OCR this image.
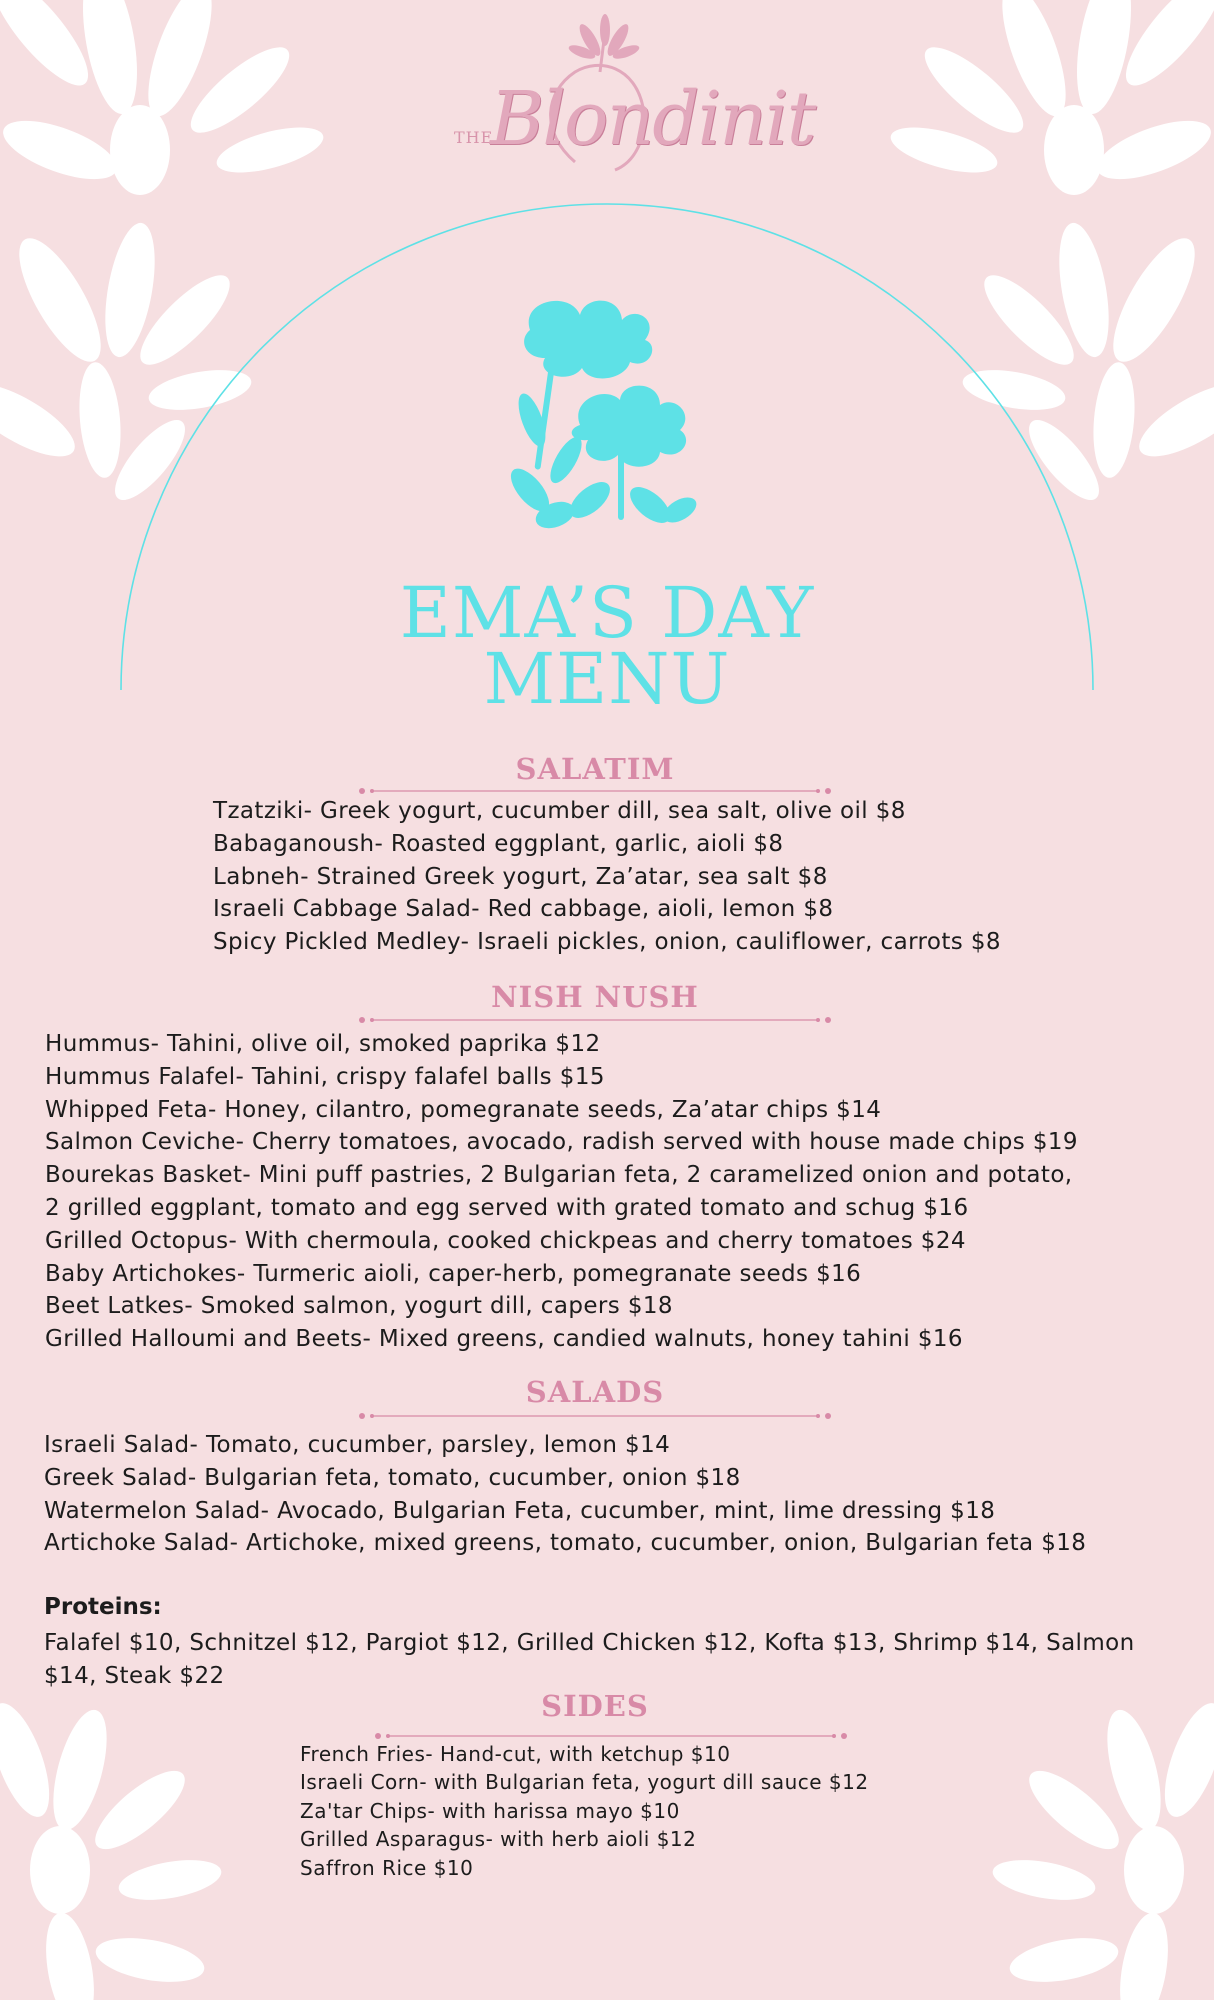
THE
Blondinit
EMA’S DAY
MENU
SALATIM
Tzatziki- Greek yogurt, cucumber dill, sea salt, olive oil $8
Babaganoush- Roasted eggplant, garlic, aioli $8
Labneh- Strained Greek yogurt, Za’atar, sea salt $8
Israeli Cabbage Salad- Red cabbage, aioli, lemon $8
Spicy Pickled Medley- Israeli pickles, onion, cauliflower, carrots $8
NISH NUSH
Hummus- Tahini, olive oil, smoked paprika $12
Hummus Falafel- Tahini, crispy falafel balls $15
Whipped Feta- Honey, cilantro, pomegranate seeds, Za’atar chips $14
Salmon Ceviche- Cherry tomatoes, avocado, radish served with house made chips $19
Bourekas Basket- Mini puff pastries, 2 Bulgarian feta, 2 caramelized onion and potato,
2 grilled eggplant, tomato and egg served with grated tomato and schug $16
Grilled Octopus- With chermoula, cooked chickpeas and cherry tomatoes $24
Baby Artichokes- Turmeric aioli, caper-herb, pomegranate seeds $16
Beet Latkes- Smoked salmon, yogurt dill, capers $18
Grilled Halloumi and Beets- Mixed greens, candied walnuts, honey tahini $16
SALADS
Israeli Salad- Tomato, cucumber, parsley, lemon $14
Greek Salad- Bulgarian feta, tomato, cucumber, onion $18
Watermelon Salad- Avocado, Bulgarian Feta, cucumber, mint, lime dressing $18
Artichoke Salad- Artichoke, mixed greens, tomato, cucumber, onion, Bulgarian feta $18

Proteins:

Falafel $10, Schnitzel $12, Pargiot $12, Grilled Chicken $12, Kofta $13, Shrimp $14, Salmon $14, Steak $22

SIDES
French Fries- Hand-cut, with ketchup $10
Israeli Corn- with Bulgarian feta, yogurt dill sauce $12
Za'tar Chips- with harissa mayo $10
Grilled Asparagus- with herb aioli $12
Saffron Rice $10
